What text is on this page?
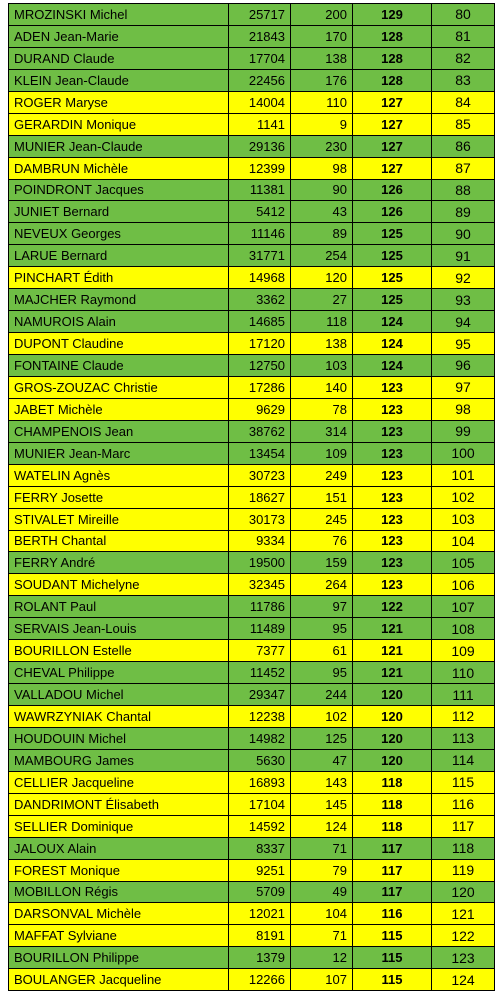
MROZINSKI Michel	25717	200	129	80
ADEN Jean-Marie	21843	170	128	81
DURAND Claude	17704	138	128	82
KLEIN Jean-Claude	22456	176	128	83
ROGER Maryse	14004	110	127	84
GERARDIN Monique	1141	9	127	85
MUNIER Jean-Claude	29136	230	127	86
DAMBRUN Michèle	12399	98	127	87
POINDRONT Jacques	11381	90	126	88
JUNIET Bernard	5412	43	126	89
NEVEUX Georges	11146	89	125	90
LARUE Bernard	31771	254	125	91
PINCHART Édith	14968	120	125	92
MAJCHER Raymond	3362	27	125	93
NAMUROIS Alain	14685	118	124	94
DUPONT Claudine	17120	138	124	95
FONTAINE Claude	12750	103	124	96
GROS-ZOUZAC Christie	17286	140	123	97
JABET Michèle	9629	78	123	98
CHAMPENOIS Jean	38762	314	123	99
MUNIER Jean-Marc	13454	109	123	100
WATELIN Agnès	30723	249	123	101
FERRY Josette	18627	151	123	102
STIVALET Mireille	30173	245	123	103
BERTH Chantal	9334	76	123	104
FERRY André	19500	159	123	105
SOUDANT Michelyne	32345	264	123	106
ROLANT Paul	11786	97	122	107
SERVAIS Jean-Louis	11489	95	121	108
BOURILLON Estelle	7377	61	121	109
CHEVAL Philippe	11452	95	121	110
VALLADOU Michel	29347	244	120	111
WAWRZYNIAK Chantal	12238	102	120	112
HOUDOUIN Michel	14982	125	120	113
MAMBOURG James	5630	47	120	114
CELLIER Jacqueline	16893	143	118	115
DANDRIMONT Élisabeth	17104	145	118	116
SELLIER Dominique	14592	124	118	117
JALOUX Alain	8337	71	117	118
FOREST Monique	9251	79	117	119
MOBILLON Régis	5709	49	117	120
DARSONVAL Michèle	12021	104	116	121
MAFFAT Sylviane	8191	71	115	122
BOURILLON Philippe	1379	12	115	123
BOULANGER Jacqueline	12266	107	115	124
